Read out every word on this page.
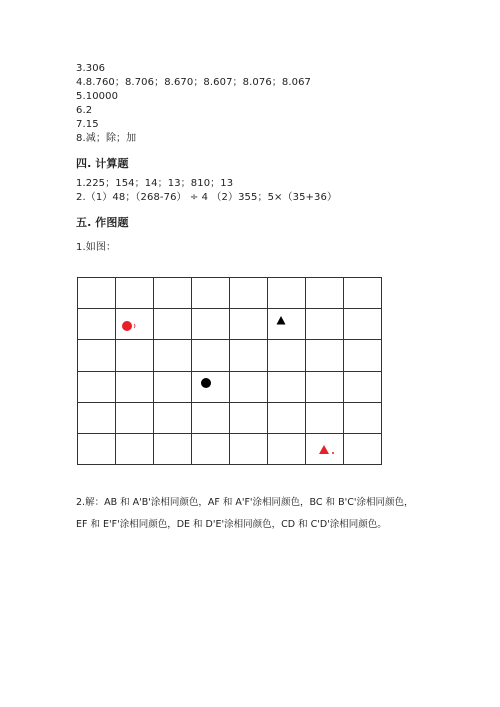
3.306
4.8.760；8.706；8.670；8.607；8.076；8.067
5.10000
6.2
7.15
8.减；除；加
四. 计算题
1.225；154；14；13；810；13
2.（1）48；（268-76） ÷ 4 （2）355；5×（35+36）
五. 作图题
1.如图：
2.解：AB 和 A'B'涂相同颜色，AF 和 A'F'涂相同颜色，BC 和 B'C'涂相同颜色，
EF 和 E'F'涂相同颜色，DE 和 D'E'涂相同颜色，CD 和 C'D'涂相同颜色。
